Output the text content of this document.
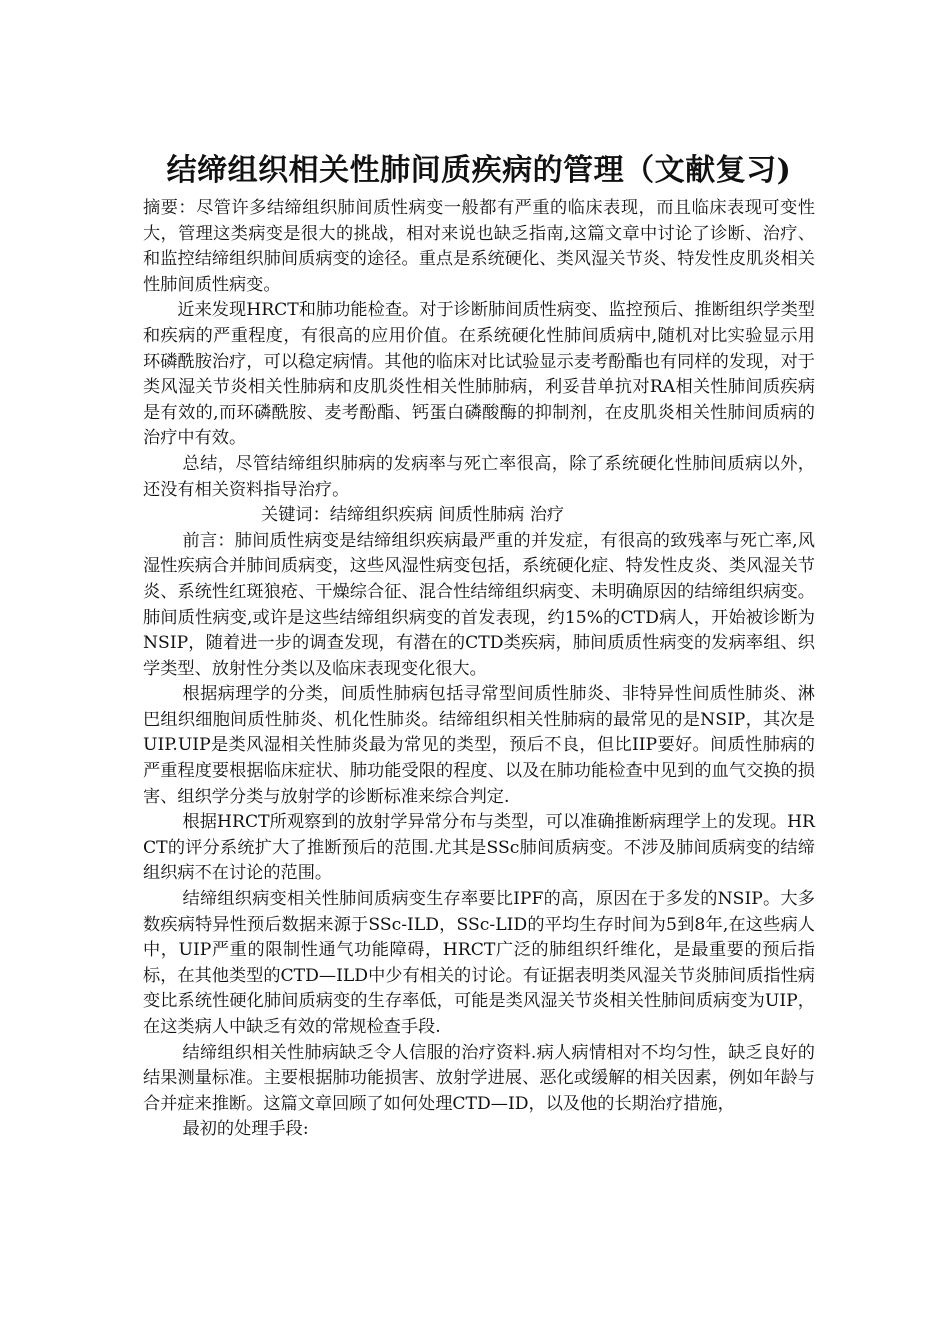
结缔组织相关性肺间质疾病的管理（文献复习)

摘要：尽管许多结缔组织肺间质性病变一般都有严重的临床表现，而且临床表现可变性大，管理这类病变是很大的挑战，相对来说也缺乏指南,这篇文章中讨论了诊断、治疗、和监控结缔组织肺间质病变的途径。重点是系统硬化、类风湿关节炎、特发性皮肌炎相关性肺间质性病变。

近来发现HRCT和肺功能检查。对于诊断肺间质性病变、监控预后、推断组织学类型和疾病的严重程度，有很高的应用价值。在系统硬化性肺间质病中,随机对比实验显示用环磷酰胺治疗，可以稳定病情。其他的临床对比试验显示麦考酚酯也有同样的发现，对于类风湿关节炎相关性肺病和皮肌炎性相关性肺肺病，利妥昔单抗对RA相关性肺间质疾病是有效的,而环磷酰胺、麦考酚酯、钙蛋白磷酸酶的抑制剂，在皮肌炎相关性肺间质病的治疗中有效。

总结，尽管结缔组织肺病的发病率与死亡率很高，除了系统硬化性肺间质病以外，还没有相关资料指导治疗。

关键词：结缔组织疾病 间质性肺病 治疗

前言：肺间质性病变是结缔组织疾病最严重的并发症，有很高的致残率与死亡率,风湿性疾病合并肺间质病变，这些风湿性病变包括，系统硬化症、特发性皮炎、类风湿关节炎、系统性红斑狼疮、干燥综合征、混合性结缔组织病变、未明确原因的结缔组织病变。肺间质性病变,或许是这些结缔组织病变的首发表现，约15%的CTD病人，开始被诊断为NSIP，随着进一步的调查发现，有潜在的CTD类疾病，肺间质质性病变的发病率组、织学类型、放射性分类以及临床表现变化很大。

根据病理学的分类，间质性肺病包括寻常型间质性肺炎、非特异性间质性肺炎、淋巴组织细胞间质性肺炎、机化性肺炎。结缔组织相关性肺病的最常见的是NSIP，其次是UIP.UIP是类风湿相关性肺炎最为常见的类型，预后不良，但比IIP要好。间质性肺病的严重程度要根据临床症状、肺功能受限的程度、以及在肺功能检查中见到的血气交换的损害、组织学分类与放射学的诊断标准来综合判定.

根据HRCT所观察到的放射学异常分布与类型，可以准确推断病理学上的发现。HRCT的评分系统扩大了推断预后的范围.尤其是SSc肺间质病变。不涉及肺间质病变的结缔组织病不在讨论的范围。

结缔组织病变相关性肺间质病变生存率要比IPF的高，原因在于多发的NSIP。大多数疾病特异性预后数据来源于SSc-ILD，SSc-LID的平均生存时间为5到8年,在这些病人中，UIP严重的限制性通气功能障碍，HRCT广泛的肺组织纤维化，是最重要的预后指标，在其他类型的CTD—ILD中少有相关的讨论。有证据表明类风湿关节炎肺间质指性病变比系统性硬化肺间质病变的生存率低，可能是类风湿关节炎相关性肺间质病变为UIP，在这类病人中缺乏有效的常规检查手段.

结缔组织相关性肺病缺乏令人信服的治疗资料.病人病情相对不均匀性，缺乏良好的结果测量标准。主要根据肺功能损害、放射学进展、恶化或缓解的相关因素，例如年龄与合并症来推断。这篇文章回顾了如何处理CTD—ID，以及他的长期治疗措施，

最初的处理手段:
